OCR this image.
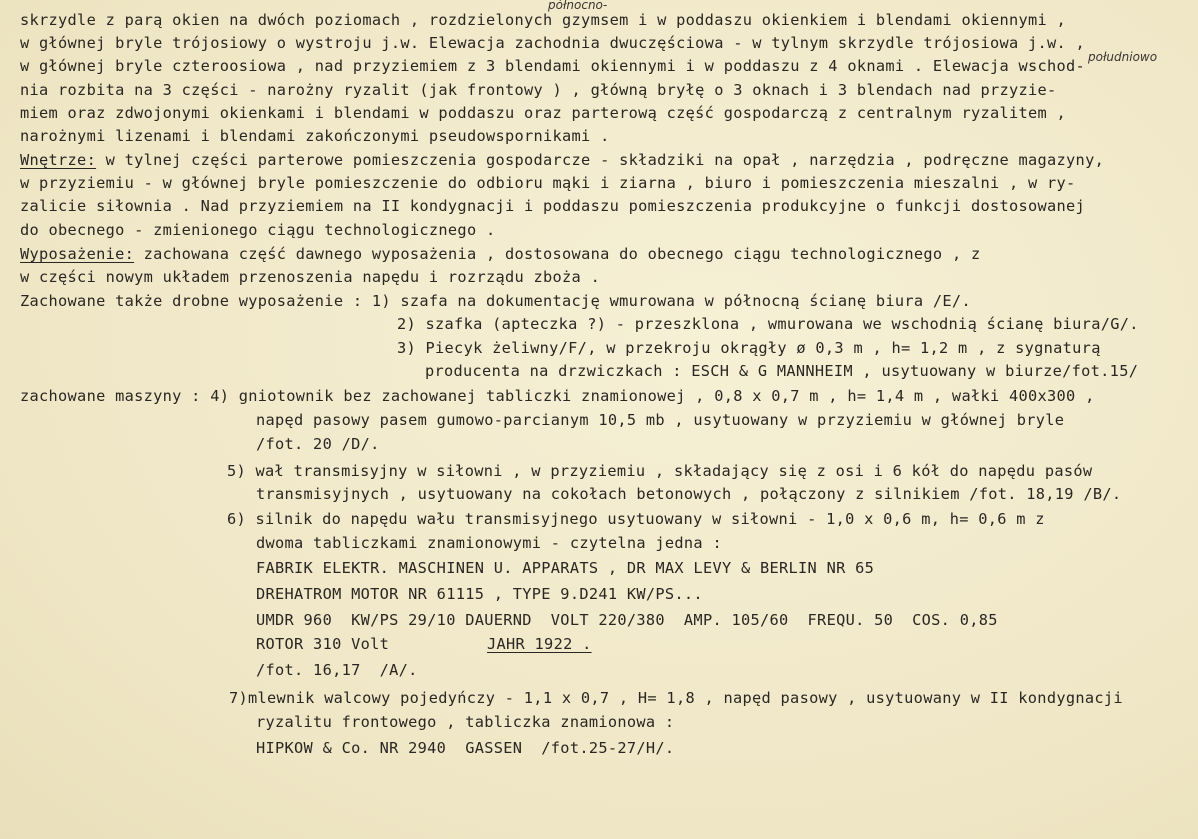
północno-
południowo
skrzydle z parą okien na dwóch poziomach , rozdzielonych gzymsem i w poddaszu okienkiem i blendami okiennymi ,
w głównej bryle trójosiowy o wystroju j.w. Elewacja zachodnia dwuczęściowa - w tylnym skrzydle trójosiowa j.w. ,
w głównej bryle czteroosiowa , nad przyziemiem z 3 blendami okiennymi i w poddaszu z 4 oknami . Elewacja wschod-
nia rozbita na 3 części - narożny ryzalit (jak frontowy ) , główną bryłę o 3 oknach i 3 blendach nad przyzie-
miem oraz zdwojonymi okienkami i blendami w poddaszu oraz parterową część gospodarczą z centralnym ryzalitem ,
narożnymi lizenami i blendami zakończonymi pseudowspornikami .
Wnętrze: w tylnej części parterowe pomieszczenia gospodarcze - składziki na opał , narzędzia , podręczne magazyny,
w przyziemiu - w głównej bryle pomieszczenie do odbioru mąki i ziarna , biuro i pomieszczenia mieszalni , w ry-
zalicie siłownia . Nad przyziemiem na II kondygnacji i poddaszu pomieszczenia produkcyjne o funkcji dostosowanej
do obecnego - zmienionego ciągu technologicznego .
Wyposażenie: zachowana część dawnego wyposażenia , dostosowana do obecnego ciągu technologicznego , z
w części nowym układem przenoszenia napędu i rozrządu zboża .
Zachowane także drobne wyposażenie : 1) szafa na dokumentację wmurowana w północną ścianę biura /E/.
2) szafka (apteczka ?) - przeszklona , wmurowana we wschodnią ścianę biura/G/.
3) Piecyk żeliwny/F/, w przekroju okrągły ø 0,3 m , h= 1,2 m , z sygnaturą
producenta na drzwiczkach : ESCH & G MANNHEIM , usytuowany w biurze/fot.15/
zachowane maszyny : 4) gniotownik bez zachowanej tabliczki znamionowej , 0,8 x 0,7 m , h= 1,4 m , wałki 400x300 ,
napęd pasowy pasem gumowo-parcianym 10,5 mb , usytuowany w przyziemiu w głównej bryle
/fot. 20 /D/.
5) wał transmisyjny w siłowni , w przyziemiu , składający się z osi i 6 kół do napędu pasów
transmisyjnych , usytuowany na cokołach betonowych , połączony z silnikiem /fot. 18,19 /B/.
6) silnik do napędu wału transmisyjnego usytuowany w siłowni - 1,0 x 0,6 m, h= 0,6 m z
dwoma tabliczkami znamionowymi - czytelna jedna :
FABRIK ELEKTR. MASCHINEN U. APPARATS , DR MAX LEVY & BERLIN NR 65
DREHATROM MOTOR NR 61115 , TYPE 9.D241 KW/PS...
UMDR 960  KW/PS 29/10 DAUERND  VOLT 220/380  AMP. 105/60  FREQU. 50  COS. 0,85
ROTOR 310 Volt	JAHR 1922 .
/fot. 16,17  /A/.
7)mlewnik walcowy pojedyńczy - 1,1 x 0,7 , H= 1,8 , napęd pasowy , usytuowany w II kondygnacji
ryzalitu frontowego , tabliczka znamionowa :
HIPKOW & Co. NR 2940  GASSEN  /fot.25-27/H/.
